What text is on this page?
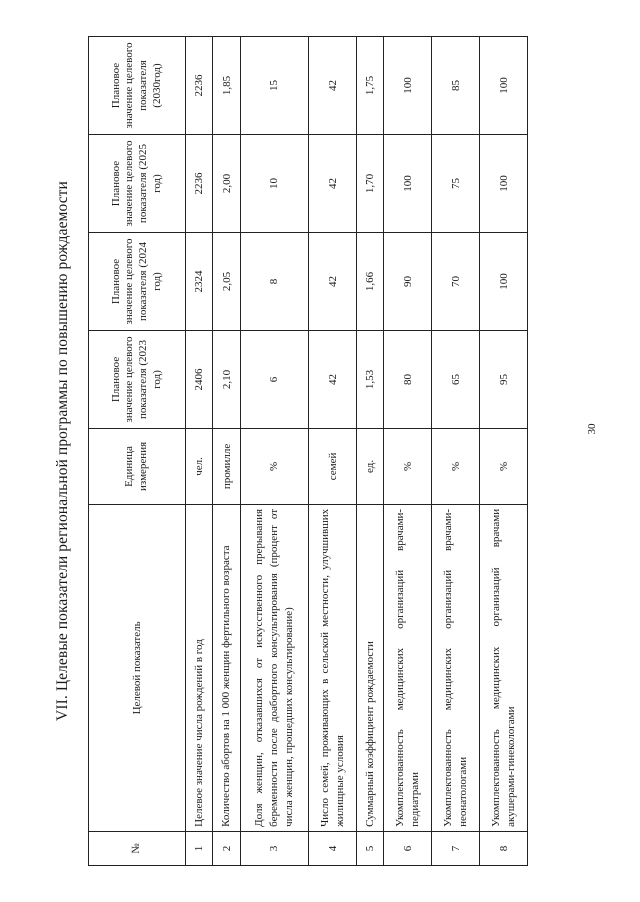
VII. Целевые показатели региональной программы по повышению рождаемости
№	Целевой показатель	Единица измерения	Плановое значение целевого показателя (2023 год)	Плановое значение целевого показателя (2024 год)	Плановое значение целевого показателя (2025 год)	Плановое значение целевого показателя (2030год)
1	Целевое значение числа рождений в год	чел.	2406	2324	2236	2236
2	Количество абортов на 1 000 женщин фертильного возраста	промилле	2,10	2,05	2,00	1,85
3	Доля женщин, отказавшихся от искусственного прерывания беременности после доабортного консультирования (процент от числа женщин, прошедших консультирование)	%	6	8	10	15
4	Число семей, проживающих в сельской местности, улучшивших жилищные условия	семей	42	42	42	42
5	Суммарный коэффициент рождаемости	ед.	1,53	1,66	1,70	1,75
6	Укомплектованность медицинских организаций врачами-педиатрами	%	80	90	100	100
7	Укомплектованность медицинских организаций врачами-неонатологами	%	65	70	75	85
8	Укомплектованность медицинских организаций врачами акушерами-гинекологами	%	95	100	100	100
30
